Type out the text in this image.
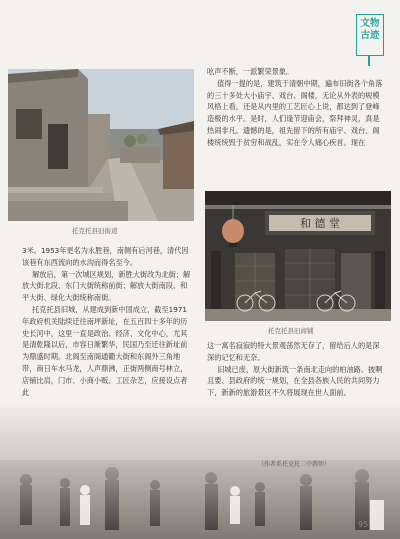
文物
古迹
托克托县旧街道

3米。1953年更名为永胜巷，南侧有后河巷，清代因该巷有东西流向的水沟而得名至今。

解放后，第一次城区规划，新胜大街改为北街；解放大街北段、东门大街统称前街；解放大街南段、和平大街、绿化大街统称南街。

托克托县旧城，从建成到新中国成立，截至1971年政府机关陆续迁往南坪新址，在五百四十多年的历史长河中，这里一直是政治、经济、文化中心，尤其是清乾隆以后，市容日渐繁华，民国乃至迁往新址前为鼎盛时期。北阁至南阁通衢大街和东阁外三角地带，商日车水马龙，人声鼎沸，正街两侧商号林立，店铺比肩，门市、小商小贩、工匠杂艺，应接设点者此

吆声不断，一派繁荣景象。

值得一提的是，建筑于清朝中期，遍布旧街各个角落的三十多处大小庙宇、戏台、阁楼，无论从外表的规模风格上看，还是从内里的工艺匠心上说，都达到了登峰造极的水平。是时，人们逢节迎庙会，祭拜神灵，真是热闹非凡。遗憾的是，祖先留下的所有庙宇、戏台、阁楼统统毁于贫穷和战乱，实在令人痛心疾首。现在

和 德 堂
托克托县旧商铺

这一寓名寂寂的特大景观荡然无存了，留给后人的是深深的记忆和无奈。

旧城已废，原大街新筑一条南北走向的柏油路。披啊且要、县政府的统一规划，在全县各族人民的共同努力下，新新的旅游景区不久将展现在世人面前。

（作者系托克托二中教师）
95
